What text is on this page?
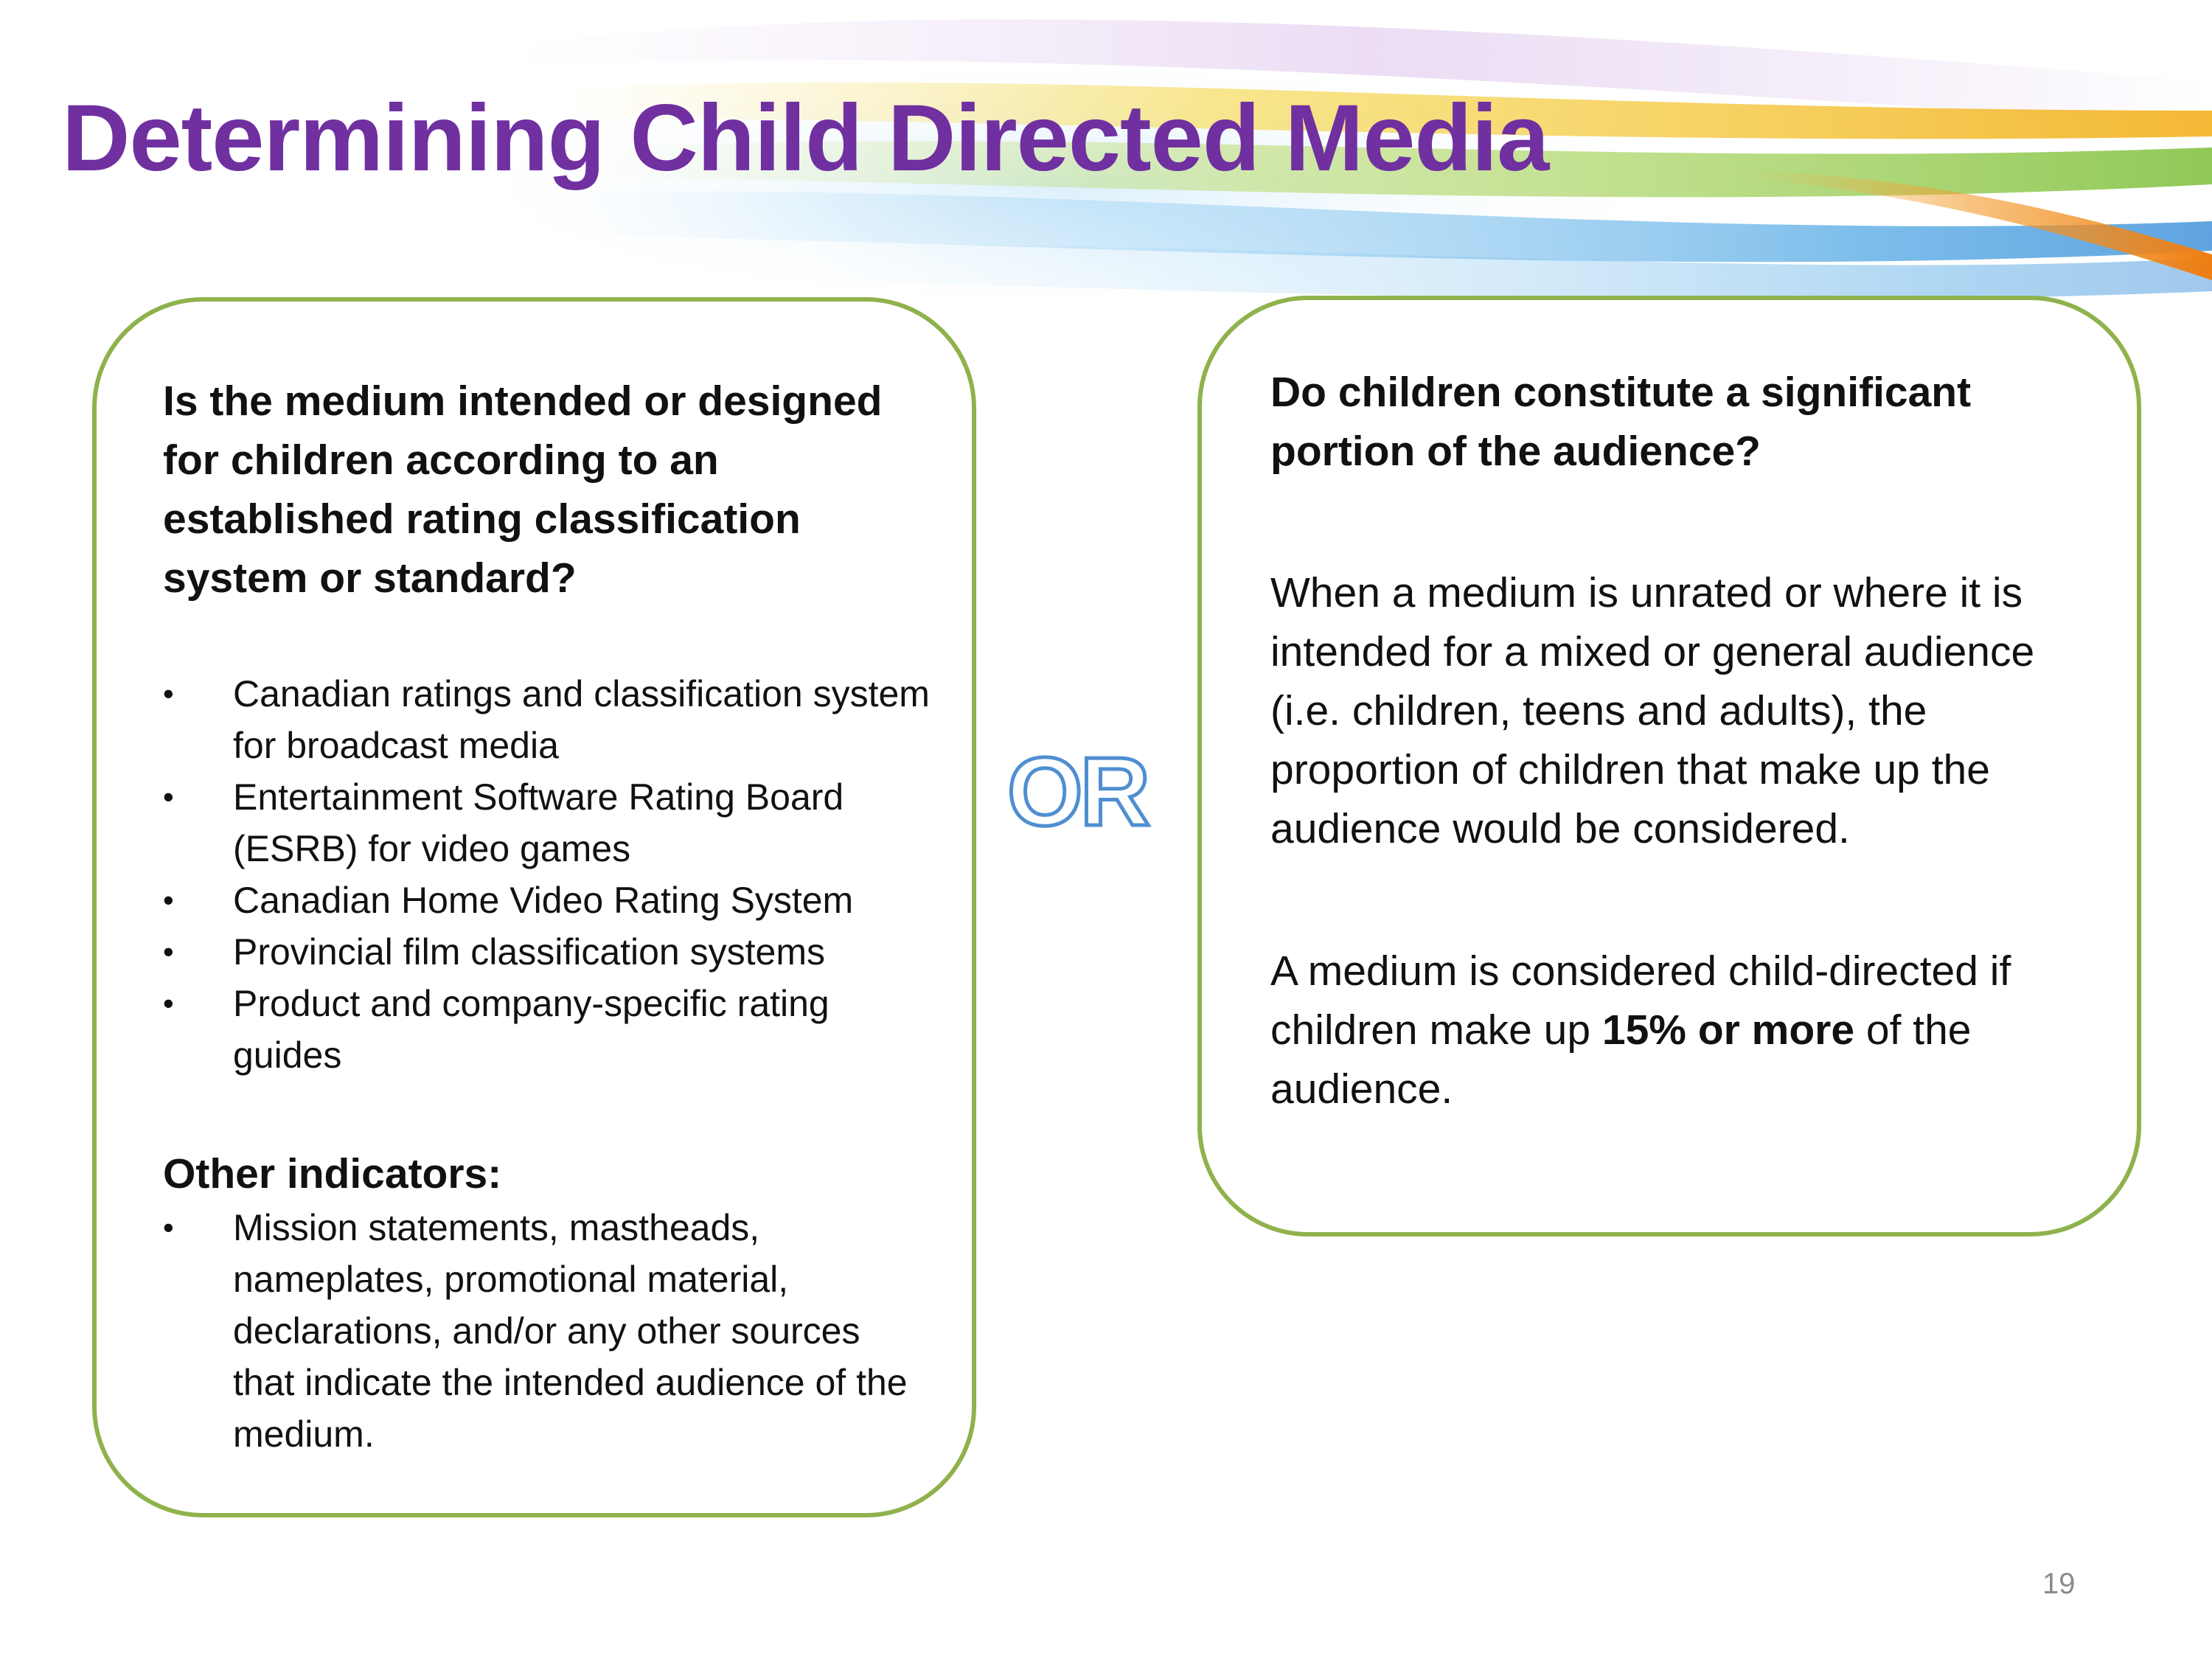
Determining Child Directed Media

Is the medium intended or designed for children according to an established rating classification system or standard?

•	Canadian ratings and classification system for broadcast media
•	Entertainment Software Rating Board (ESRB) for video games
•	Canadian Home Video Rating System
•	Provincial film classification systems
•	Product and company-specific rating guides

Other indicators:

•	Mission statements, mastheads, nameplates, promotional material, declarations, and/or any other sources that indicate the intended audience of the medium.
OR

Do children constitute a significant portion of the audience?

When a medium is unrated or where it is intended for a mixed or general audience (i.e. children, teens and adults), the proportion of children that make up the audience would be considered.

A medium is considered child-directed if children make up 15% or more of the audience.

19
